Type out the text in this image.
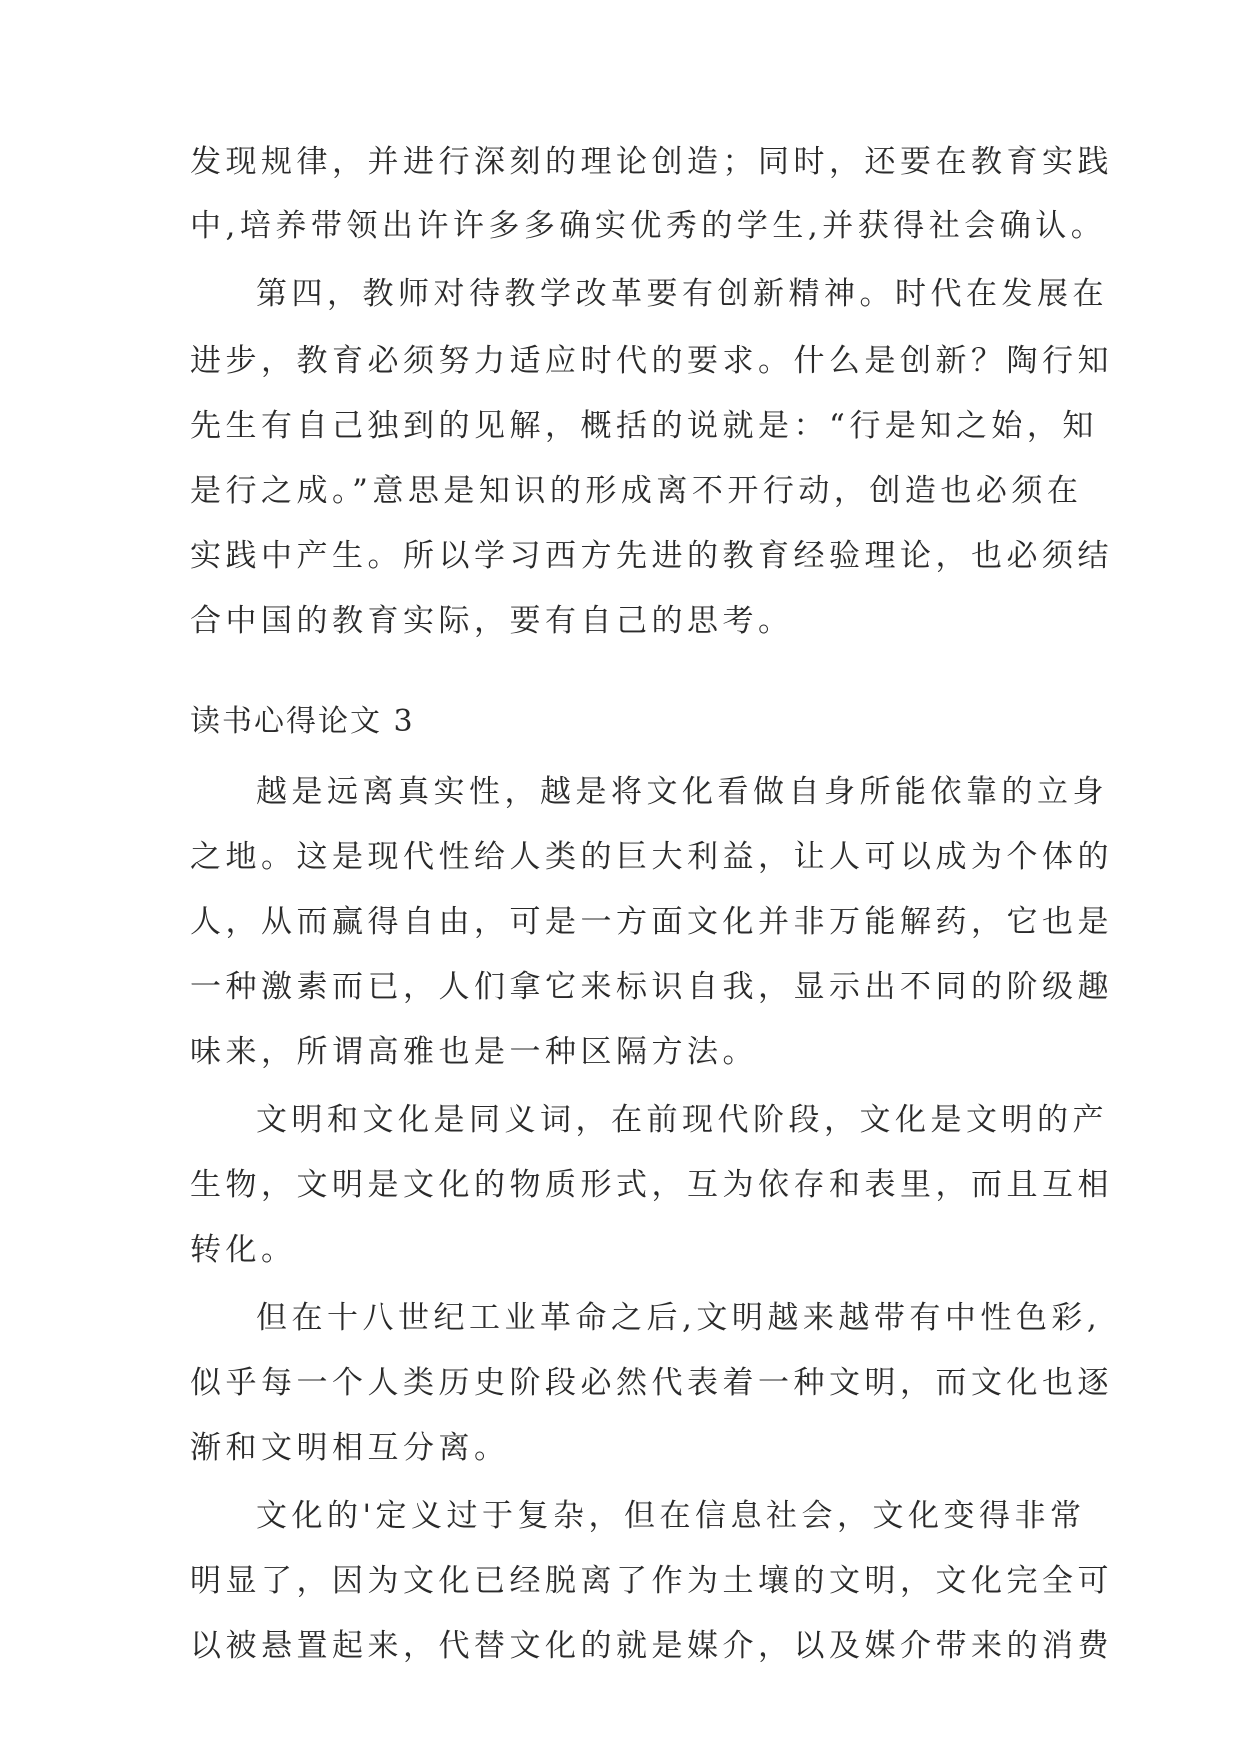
发现规律，并进行深刻的理论创造；同时，还要在教育实践
中,培养带领出许许多多确实优秀的学生,并获得社会确认。
第四，教师对待教学改革要有创新精神。时代在发展在
进步，教育必须努力适应时代的要求。什么是创新？陶行知
先生有自己独到的见解，概括的说就是：“行是知之始，知
是行之成。”意思是知识的形成离不开行动，创造也必须在
实践中产生。所以学习西方先进的教育经验理论，也必须结
合中国的教育实际，要有自己的思考。
读书心得论文 3
越是远离真实性，越是将文化看做自身所能依靠的立身
之地。这是现代性给人类的巨大利益，让人可以成为个体的
人，从而赢得自由，可是一方面文化并非万能解药，它也是
一种激素而已，人们拿它来标识自我，显示出不同的阶级趣
味来，所谓高雅也是一种区隔方法。
文明和文化是同义词，在前现代阶段，文化是文明的产
生物，文明是文化的物质形式，互为依存和表里，而且互相
转化。
但在十八世纪工业革命之后,文明越来越带有中性色彩,
似乎每一个人类历史阶段必然代表着一种文明，而文化也逐
渐和文明相互分离。
文化的'定义过于复杂，但在信息社会，文化变得非常
明显了，因为文化已经脱离了作为土壤的文明，文化完全可
以被悬置起来，代替文化的就是媒介，以及媒介带来的消费
